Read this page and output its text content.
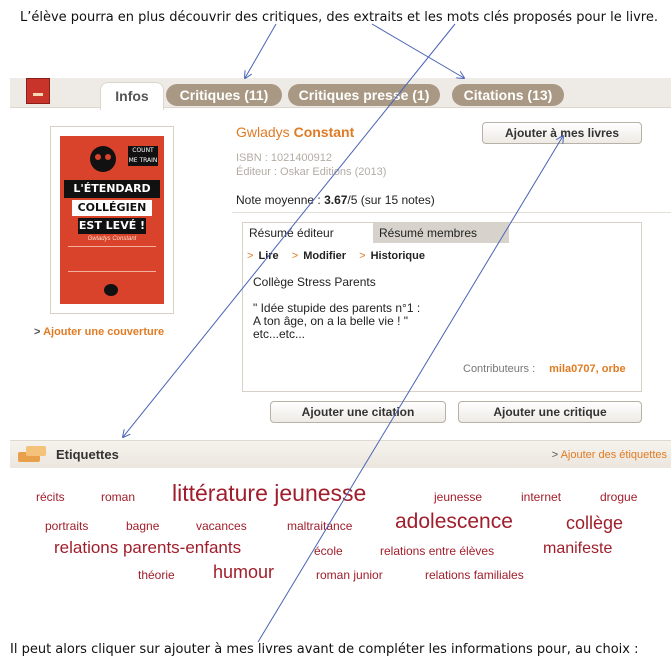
L’élève pourra en plus découvrir des critiques, des extraits et les mots clés proposés pour le livre.
Infos	Critiques (11)	Critiques presse (1)	Citations (13)
COUNT ME TRAIN
L'ÉTENDARD
COLLÉGIEN
EST LEVÉ !
Gwladys Constant
> Ajouter une couverture
Gwladys Constant
ISBN : 1021400912
Éditeur : Oskar Editions (2013)
Note moyenne : 3.67/5 (sur 15 notes)
Ajouter à mes livres
Résumé éditeur	Résumé membres
> Lire > Modifier > Historique
Collège Stress Parents
" Idée stupide des parents n°1 :
A ton âge, on a la belle vie ! "
etc...etc...
Contributeurs : mila0707, orbe
Ajouter une citation	Ajouter une critique
Etiquettes	> Ajouter des étiquettes
récits	roman littérature jeunesse	jeunesse	internet	drogue
portraits	bagne	vacances	maltraitance adolescence	collège
relations parents-enfants	école	relations entre élèves	manifeste
théorie humour	roman junior	relations familiales
Il peut alors cliquer sur ajouter à mes livres avant de compléter les informations pour, au choix :
